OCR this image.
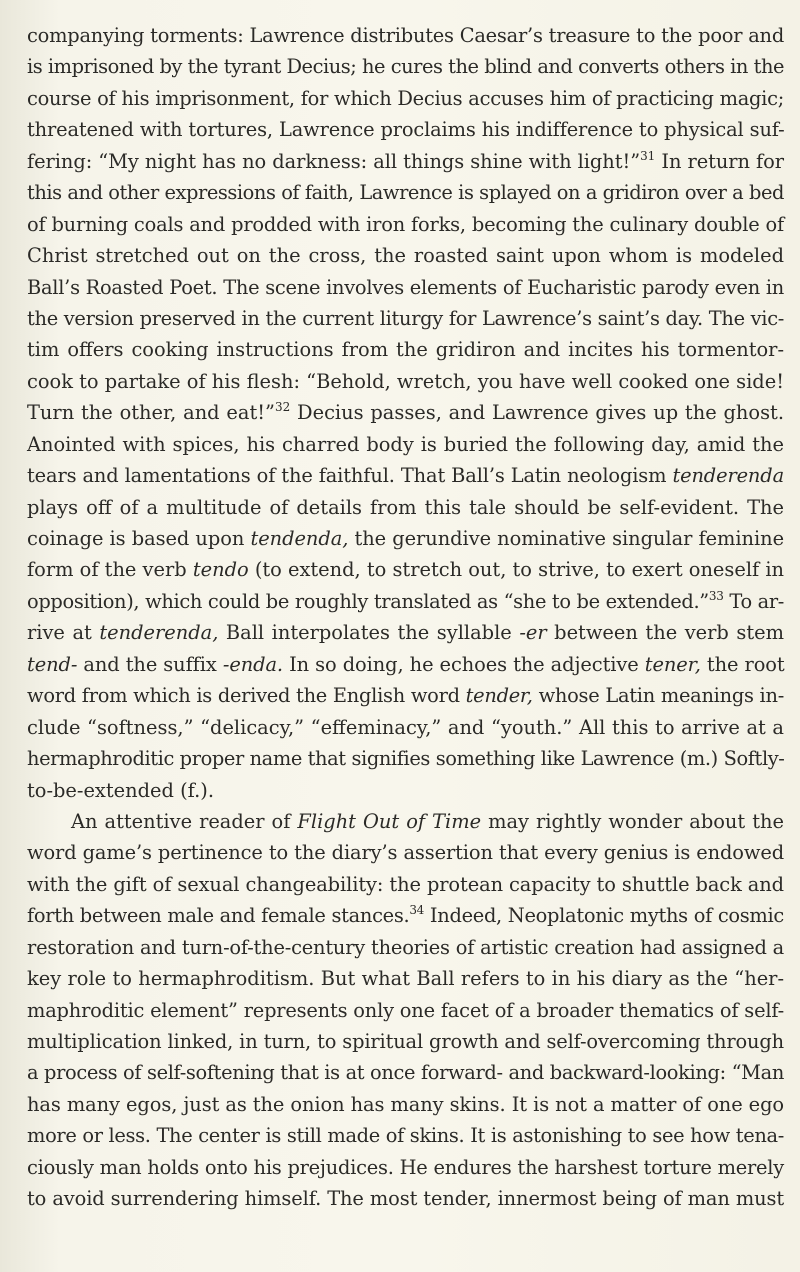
companying torments: Lawrence distributes Caesar’s treasure to the poor and
is imprisoned by the tyrant Decius; he cures the blind and converts others in the
course of his imprisonment, for which Decius accuses him of practicing magic;
threatened with tortures, Lawrence proclaims his indifference to physical suf-
fering: “My night has no darkness: all things shine with light!”$^{31}$ In return for
this and other expressions of faith, Lawrence is splayed on a gridiron over a bed
of burning coals and prodded with iron forks, becoming the culinary double of
Christ stretched out on the cross, the roasted saint upon whom is modeled
Ball’s Roasted Poet. The scene involves elements of Eucharistic parody even in
the version preserved in the current liturgy for Lawrence’s saint’s day. The vic-
tim offers cooking instructions from the gridiron and incites his tormentor-
cook to partake of his flesh: “Behold, wretch, you have well cooked one side!
Turn the other, and eat!”$^{32}$ Decius passes, and Lawrence gives up the ghost.
Anointed with spices, his charred body is buried the following day, amid the
tears and lamentations of the faithful. That Ball’s Latin neologism tenderenda
plays off of a multitude of details from this tale should be self-evident. The
coinage is based upon tendenda, the gerundive nominative singular feminine
form of the verb tendo (to extend, to stretch out, to strive, to exert oneself in
opposition), which could be roughly translated as “she to be extended.”$^{33}$ To ar-
rive at tenderenda, Ball interpolates the syllable -er between the verb stem
tend- and the suffix -enda. In so doing, he echoes the adjective tener, the root
word from which is derived the English word tender, whose Latin meanings in-
clude “softness,” “delicacy,” “effeminacy,” and “youth.” All this to arrive at a
hermaphroditic proper name that signifies something like Lawrence (m.) Softly-
to-be-extended (f.).
An attentive reader of Flight Out of Time may rightly wonder about the
word game’s pertinence to the diary’s assertion that every genius is endowed
with the gift of sexual changeability: the protean capacity to shuttle back and
forth between male and female stances.$^{34}$ Indeed, Neoplatonic myths of cosmic
restoration and turn-of-the-century theories of artistic creation had assigned a
key role to hermaphroditism. But what Ball refers to in his diary as the “her-
maphroditic element” represents only one facet of a broader thematics of self-
multiplication linked, in turn, to spiritual growth and self-overcoming through
a process of self-softening that is at once forward- and backward-looking: “Man
has many egos, just as the onion has many skins. It is not a matter of one ego
more or less. The center is still made of skins. It is astonishing to see how tena-
ciously man holds onto his prejudices. He endures the harshest torture merely
to avoid surrendering himself. The most tender, innermost being of man must
